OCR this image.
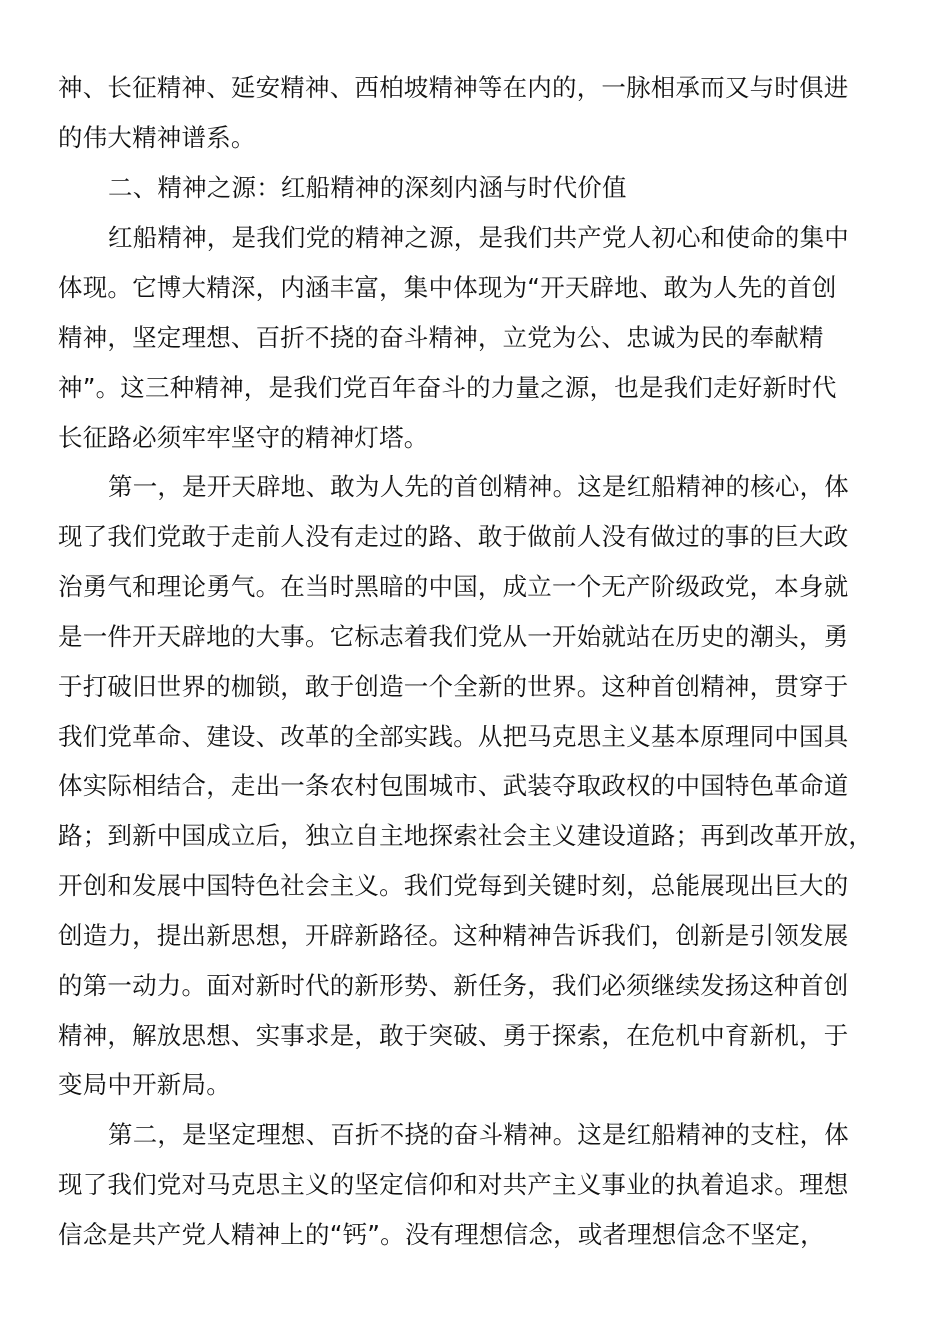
神、长征精神、延安精神、西柏坡精神等在内的，一脉相承而又与时俱进
的伟大精神谱系。
二、精神之源：红船精神的深刻内涵与时代价值
红船精神，是我们党的精神之源，是我们共产党人初心和使命的集中
体现。它博大精深，内涵丰富，集中体现为“开天辟地、敢为人先的首创
精神，坚定理想、百折不挠的奋斗精神，立党为公、忠诚为民的奉献精
神”。这三种精神，是我们党百年奋斗的力量之源，也是我们走好新时代
长征路必须牢牢坚守的精神灯塔。
第一，是开天辟地、敢为人先的首创精神。这是红船精神的核心，体
现了我们党敢于走前人没有走过的路、敢于做前人没有做过的事的巨大政
治勇气和理论勇气。在当时黑暗的中国，成立一个无产阶级政党，本身就
是一件开天辟地的大事。它标志着我们党从一开始就站在历史的潮头，勇
于打破旧世界的枷锁，敢于创造一个全新的世界。这种首创精神，贯穿于
我们党革命、建设、改革的全部实践。从把马克思主义基本原理同中国具
体实际相结合，走出一条农村包围城市、武装夺取政权的中国特色革命道
路；到新中国成立后，独立自主地探索社会主义建设道路；再到改革开放，
开创和发展中国特色社会主义。我们党每到关键时刻，总能展现出巨大的
创造力，提出新思想，开辟新路径。这种精神告诉我们，创新是引领发展
的第一动力。面对新时代的新形势、新任务，我们必须继续发扬这种首创
精神，解放思想、实事求是，敢于突破、勇于探索，在危机中育新机，于
变局中开新局。
第二，是坚定理想、百折不挠的奋斗精神。这是红船精神的支柱，体
现了我们党对马克思主义的坚定信仰和对共产主义事业的执着追求。理想
信念是共产党人精神上的“钙”。没有理想信念，或者理想信念不坚定，
